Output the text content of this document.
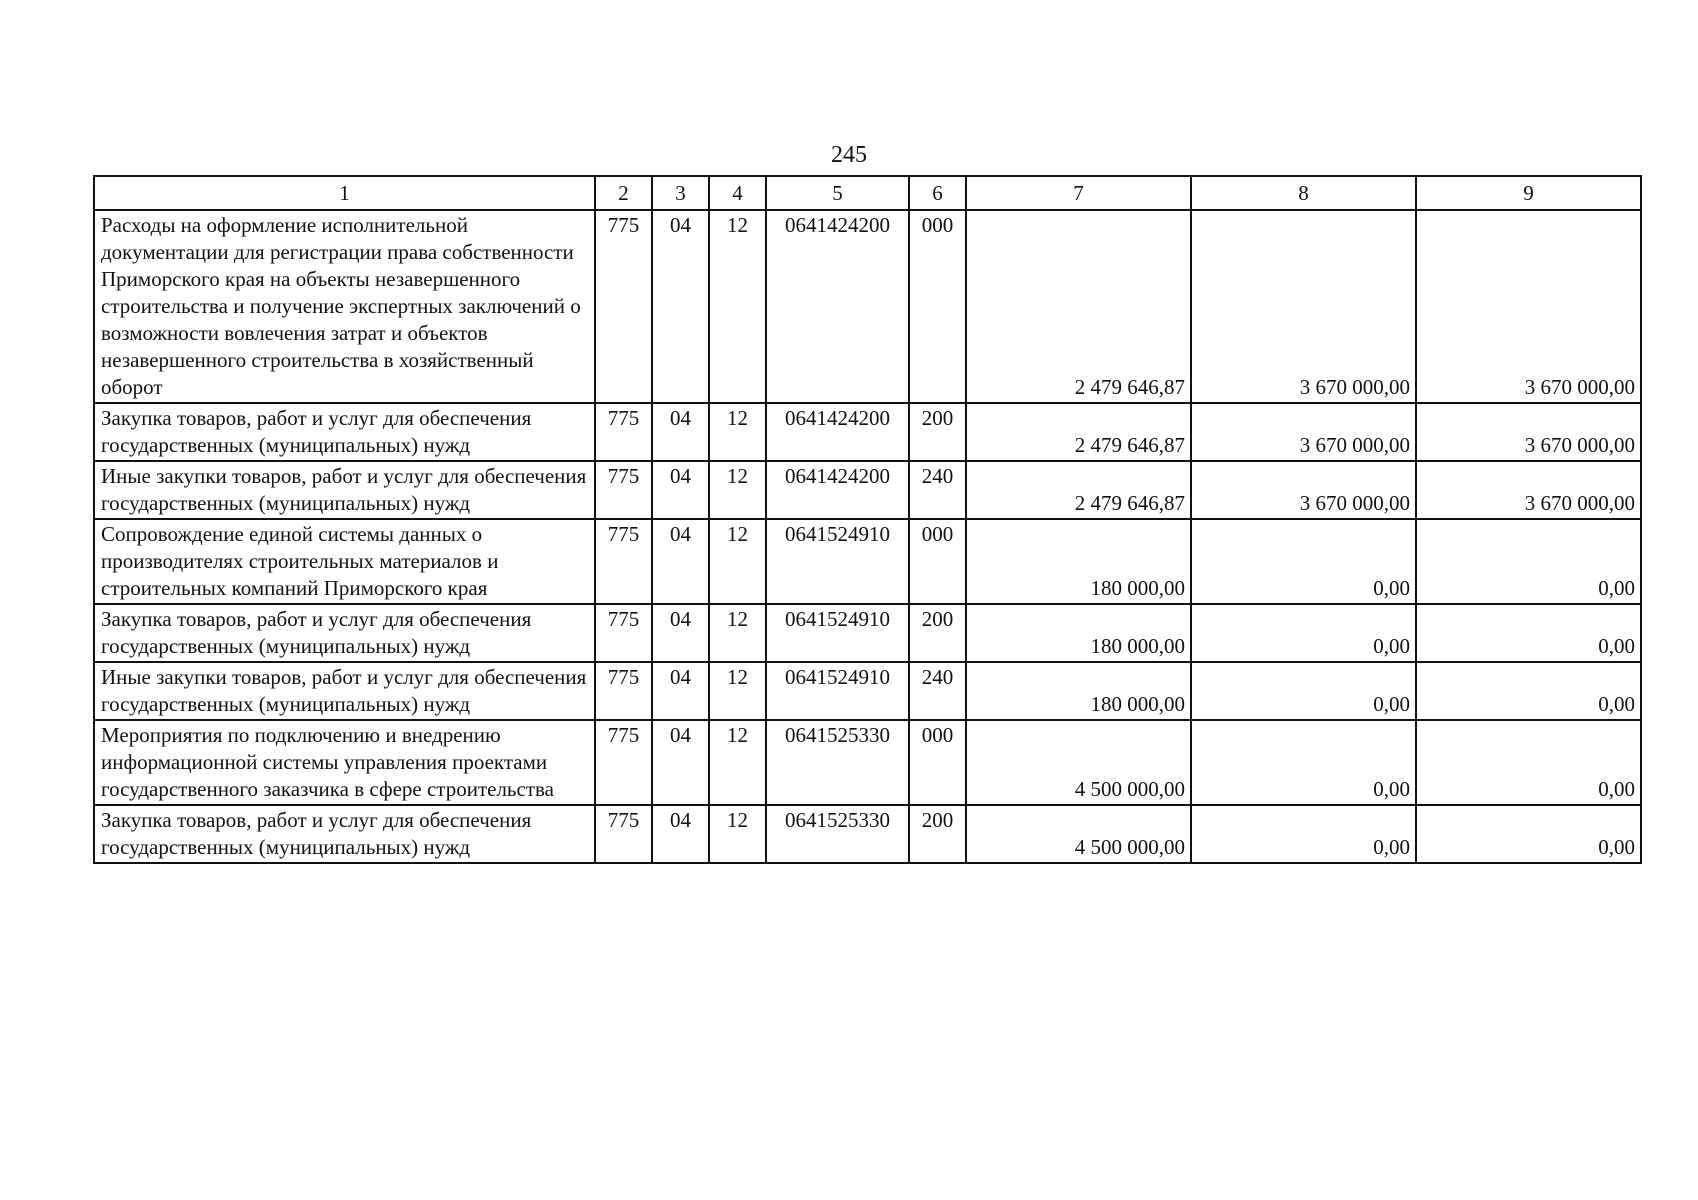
245
1	2	3	4	5	6	7	8	9
Расходы на оформление исполнительной документации для регистрации права собственности Приморского края на объекты незавершенного строительства и получение экспертных заключений о возможности вовлечения затрат и объектов незавершенного строительства в хозяйственный оборот	775	04	12	0641424200	000	2 479 646,87	3 670 000,00	3 670 000,00
Закупка товаров, работ и услуг для обеспечения государственных (муниципальных) нужд	775	04	12	0641424200	200	2 479 646,87	3 670 000,00	3 670 000,00
Иные закупки товаров, работ и услуг для обеспечения государственных (муниципальных) нужд	775	04	12	0641424200	240	2 479 646,87	3 670 000,00	3 670 000,00
Сопровождение единой системы данных о производителях строительных материалов и строительных компаний Приморского края	775	04	12	0641524910	000	180 000,00	0,00	0,00
Закупка товаров, работ и услуг для обеспечения государственных (муниципальных) нужд	775	04	12	0641524910	200	180 000,00	0,00	0,00
Иные закупки товаров, работ и услуг для обеспечения государственных (муниципальных) нужд	775	04	12	0641524910	240	180 000,00	0,00	0,00
Мероприятия по подключению и внедрению информационной системы управления проектами государственного заказчика в сфере строительства	775	04	12	0641525330	000	4 500 000,00	0,00	0,00
Закупка товаров, работ и услуг для обеспечения государственных (муниципальных) нужд	775	04	12	0641525330	200	4 500 000,00	0,00	0,00
